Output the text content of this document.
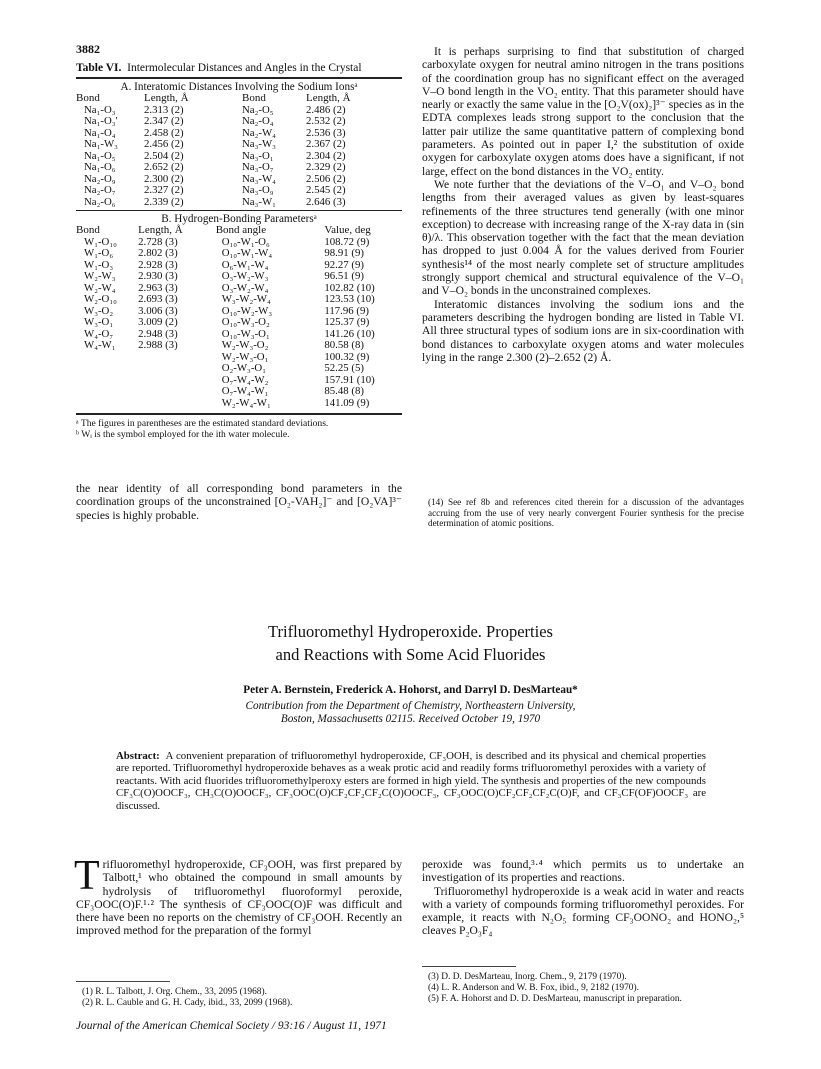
3882
Table VI. Intermolecular Distances and Angles in the Crystal
A. Interatomic Distances Involving the Sodium Ionsᵃ
Bond	Length, Å	Bond	Length, Å
Na₁-O₃	2.313 (2)	Na₂-O₅	2.486 (2)
Na₁-O₃'	2.347 (2)	Na₂-O₄	2.532 (2)
Na₁-O₄	2.458 (2)	Na₂-W₄	2.536 (3)
Na₁-W₃	2.456 (2)	Na₃-W₃	2.367 (2)
Na₁-O₅	2.504 (2)	Na₃-O₁	2.304 (2)
Na₁-O₆	2.652 (2)	Na₃-O₇	2.329 (2)
Na₂-O₉	2.300 (2)	Na₃-W₄	2.506 (2)
Na₂-O₇	2.327 (2)	Na₃-O₉	2.545 (2)
Na₂-O₆	2.339 (2)	Na₃-W₁	2.646 (3)
B. Hydrogen-Bonding Parametersᵃ
Bond	Length, Å	Bond angle	Value, deg
W₁-O₁₀	2.728 (3)	O₁₀-W₁-O₆	108.72 (9)
W₁-O₆	2.802 (3)	O₁₀-W₁-W₄	98.91 (9)
W₁-O₃	2.928 (3)	O₆-W₁-W₄	92.27 (9)
W₂-W₃	2.930 (3)	O₃-W₂-W₃	96.51 (9)
W₂-W₄	2.963 (3)	O₃-W₂-W₄	102.82 (10)
W₂-O₁₀	2.693 (3)	W₃-W₂-W₄	123.53 (10)
W₃-O₂	3.006 (3)	O₁₀-W₂-W₃	117.96 (9)
W₃-O₁	3.009 (2)	O₁₀-W₃-O₂	125.37 (9)
W₄-O₇	2.948 (3)	O₁₀-W₃-O₁	141.26 (10)
W₄-W₁	2.988 (3)	W₂-W₃-O₂	80.58 (8)
		W₂-W₃-O₁	100.32 (9)
		O₂-W₃-O₁	52.25 (5)
		O₇-W₄-W₂	157.91 (10)
		O₇-W₄-W₁	85.48 (8)
		W₂-W₄-W₁	141.09 (9)
ᵃ The figures in parentheses are the estimated standard deviations.
ᵇ Wᵢ is the symbol employed for the ith water molecule.
the near identity of all corresponding bond parameters in the coordination groups of the unconstrained [O₂-VAH₂]⁻ and [O₂VA]³⁻ species is highly probable.

It is perhaps surprising to find that substitution of charged carboxylate oxygen for neutral amino nitrogen in the trans positions of the coordination group has no significant effect on the averaged V–O bond length in the VO₂ entity. That this parameter should have nearly or exactly the same value in the [O₂V(ox)₂]³⁻ species as in the EDTA complexes leads strong support to the conclusion that the latter pair utilize the same quantitative pattern of complexing bond parameters. As pointed out in paper I,² the substitution of oxide oxygen for carboxylate oxygen atoms does have a significant, if not large, effect on the bond distances in the VO₂ entity.

We note further that the deviations of the V–O₁ and V–O₂ bond lengths from their averaged values as given by least-squares refinements of the three structures tend generally (with one minor exception) to decrease with increasing range of the X-ray data in (sin θ)/λ. This observation together with the fact that the mean deviation has dropped to just 0.004 Å for the values derived from Fourier synthesis¹⁴ of the most nearly complete set of structure amplitudes strongly support chemical and structural equivalence of the V–O₁ and V–O₂ bonds in the unconstrained complexes.

Interatomic distances involving the sodium ions and the parameters describing the hydrogen bonding are listed in Table VI. All three structural types of sodium ions are in six-coordination with bond distances to carboxylate oxygen atoms and water molecules lying in the range 2.300 (2)–2.652 (2) Å.

(14) See ref 8b and references cited therein for a discussion of the advantages accruing from the use of very nearly convergent Fourier synthesis for the precise determination of atomic positions.
Trifluoromethyl Hydroperoxide. Properties
and Reactions with Some Acid Fluorides
Peter A. Bernstein, Frederick A. Hohorst, and Darryl D. DesMarteau*
Contribution from the Department of Chemistry, Northeastern University,
Boston, Massachusetts 02115. Received October 19, 1970
Abstract: A convenient preparation of trifluoromethyl hydroperoxide, CF₃OOH, is described and its physical and chemical properties are reported. Trifluoromethyl hydroperoxide behaves as a weak protic acid and readily forms trifluoromethyl peroxides with a variety of reactants. With acid fluorides trifluoromethylperoxy esters are formed in high yield. The synthesis and properties of the new compounds CF₃C(O)OOCF₃, CH₃C(O)OOCF₃, CF₃OOC(O)CF₂CF₂CF₂C(O)OOCF₃, CF₃OOC(O)CF₂CF₂CF₂C(O)F, and CF₃CF(OF)OOCF₃ are discussed.

T rifluoromethyl hydroperoxide, CF₃OOH, was first prepared by Talbott,¹ who obtained the compound in small amounts by hydrolysis of trifluoromethyl fluoroformyl peroxide, CF₃OOC(O)F.¹·² The synthesis of CF₃OOC(O)F was difficult and there have been no reports on the chemistry of CF₃OOH. Recently an improved method for the preparation of the formyl

peroxide was found,³·⁴ which permits us to undertake an investigation of its properties and reactions.

Trifluoromethyl hydroperoxide is a weak acid in water and reacts with a variety of compounds forming trifluoromethyl peroxides. For example, it reacts with N₂O₅ forming CF₃OONO₂ and HONO₂,⁵ cleaves P₂O₃F₄

(1) R. L. Talbott, J. Org. Chem., 33, 2095 (1968).
(2) R. L. Cauble and G. H. Cady, ibid., 33, 2099 (1968).
(3) D. D. DesMarteau, Inorg. Chem., 9, 2179 (1970).
(4) L. R. Anderson and W. B. Fox, ibid., 9, 2182 (1970).
(5) F. A. Hohorst and D. D. DesMarteau, manuscript in preparation.
Journal of the American Chemical Society / 93:16 / August 11, 1971
